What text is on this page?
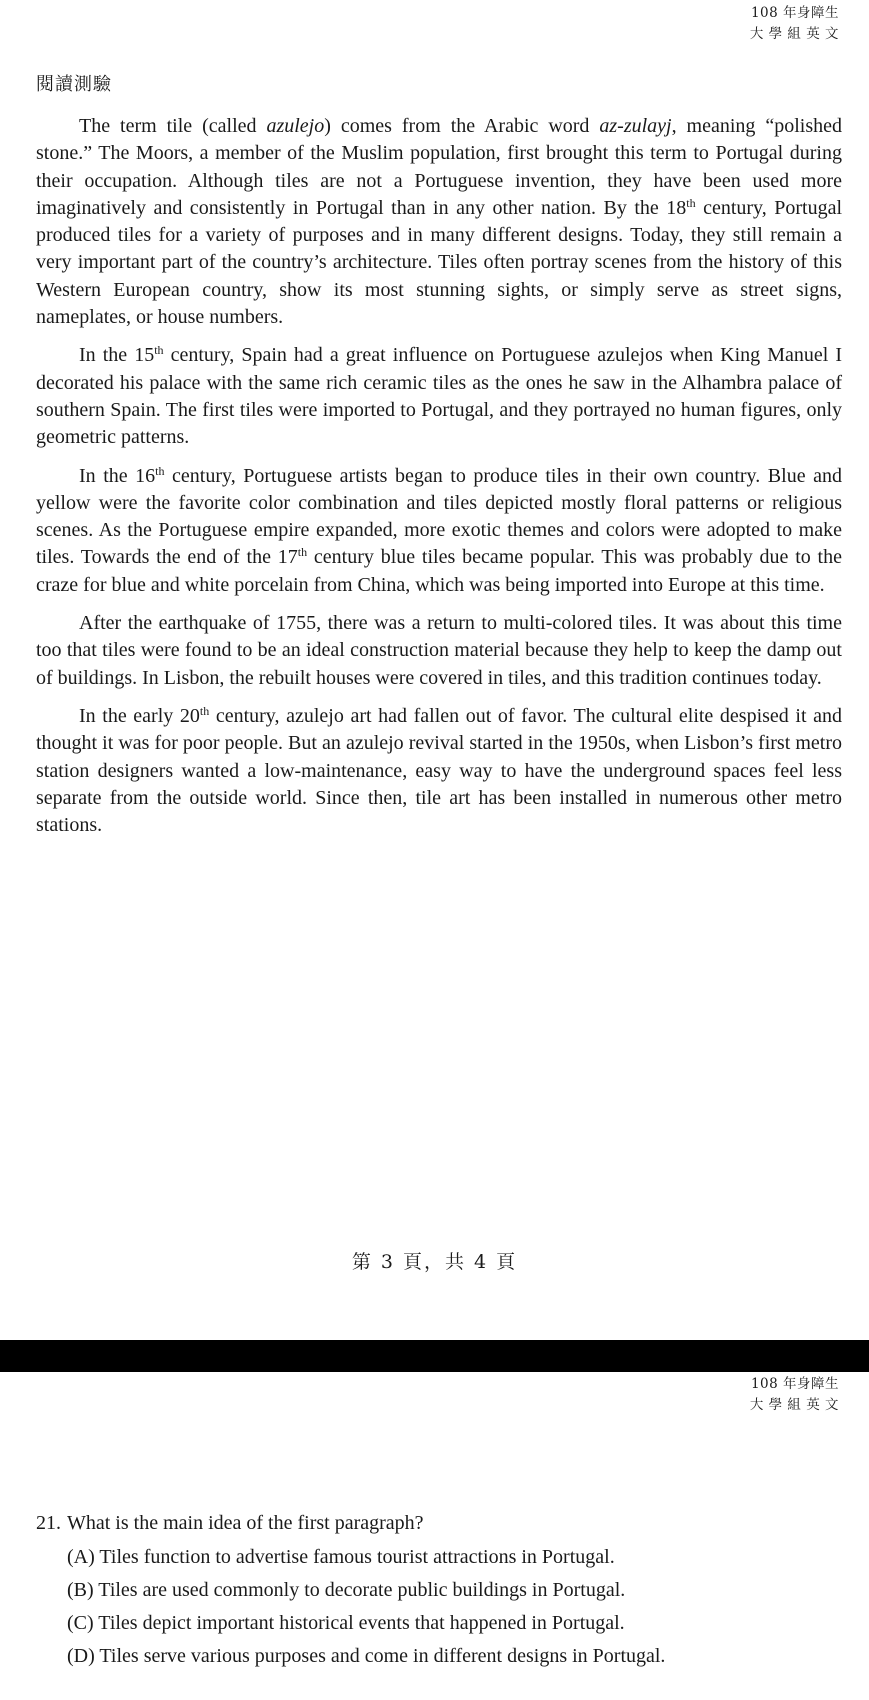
108 年身障生
大 學 組 英 文
閱讀測驗

The term tile (called azulejo) comes from the Arabic word az-zulayj, meaning “polished stone.” The Moors, a member of the Muslim population, first brought this term to Portugal during their occupation. Although tiles are not a Portuguese invention, they have been used more imaginatively and consistently in Portugal than in any other nation. By the 18th century, Portugal produced tiles for a variety of purposes and in many different designs. Today, they still remain a very important part of the country’s architecture. Tiles often portray scenes from the history of this Western European country, show its most stunning sights, or simply serve as street signs, nameplates, or house numbers.

In the 15th century, Spain had a great influence on Portuguese azulejos when King Manuel I decorated his palace with the same rich ceramic tiles as the ones he saw in the Alhambra palace of southern Spain. The first tiles were imported to Portugal, and they portrayed no human figures, only geometric patterns.

In the 16th century, Portuguese artists began to produce tiles in their own country. Blue and yellow were the favorite color combination and tiles depicted mostly floral patterns or religious scenes. As the Portuguese empire expanded, more exotic themes and colors were adopted to make tiles. Towards the end of the 17th century blue tiles became popular. This was probably due to the craze for blue and white porcelain from China, which was being imported into Europe at this time.

After the earthquake of 1755, there was a return to multi-colored tiles. It was about this time too that tiles were found to be an ideal construction material because they help to keep the damp out of buildings. In Lisbon, the rebuilt houses were covered in tiles, and this tradition continues today.

In the early 20th century, azulejo art had fallen out of favor. The cultural elite despised it and thought it was for poor people. But an azulejo revival started in the 1950s, when Lisbon’s first metro station designers wanted a low-maintenance, easy way to have the underground spaces feel less separate from the outside world. Since then, tile art has been installed in numerous other metro stations.

第 3 頁，共 4 頁
108 年身障生
大 學 組 英 文
21. What is the main idea of the first paragraph?
(A) Tiles function to advertise famous tourist attractions in Portugal.
(B) Tiles are used commonly to decorate public buildings in Portugal.
(C) Tiles depict important historical events that happened in Portugal.
(D) Tiles serve various purposes and come in different designs in Portugal.
